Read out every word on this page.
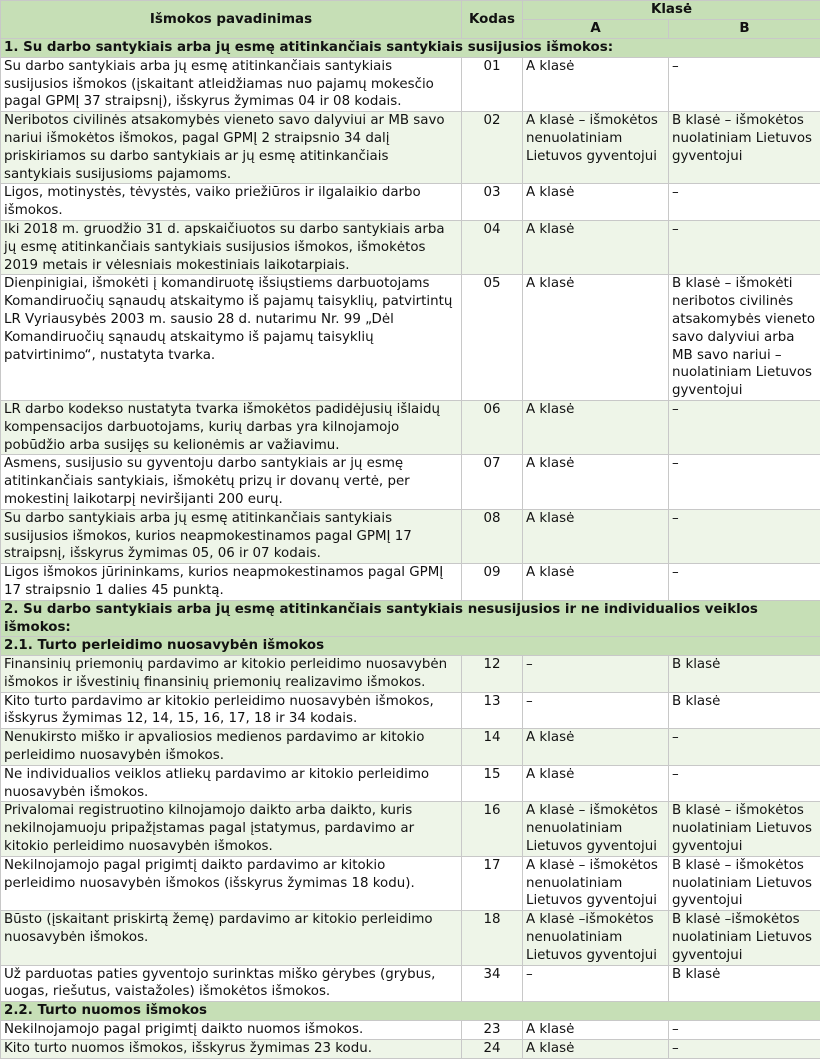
Išmokos pavadinimas	Kodas	Klasė	
		A	B
1. Su darbo santykiais arba jų esmę atitinkančiais santykiais susijusios išmokos:			
Su darbo santykiais arba jų esmę atitinkančiais santykiais susijusios išmokos (įskaitant atleidžiamas nuo pajamų mokesčio pagal GPMĮ 37 straipsnį), išskyrus žymimas 04 ir 08 kodais.	01	A klasė	–
Neribotos civilinės atsakomybės vieneto savo dalyviui ar MB savo nariui išmokėtos išmokos, pagal GPMĮ 2 straipsnio 34 dalį priskiriamos su darbo santykiais ar jų esmę atitinkančiais santykiais susijusioms pajamoms.	02	A klasė – išmokėtos nenuolatiniam Lietuvos gyventojui	B klasė – išmokėtos nuolatiniam Lietuvos gyventojui
Ligos, motinystės, tėvystės, vaiko priežiūros ir ilgalaikio darbo išmokos.	03	A klasė	–
Iki 2018 m. gruodžio 31 d. apskaičiuotos su darbo santykiais arba jų esmę atitinkančiais santykiais susijusios išmokos, išmokėtos 2019 metais ir vėlesniais mokestiniais laikotarpiais.	04	A klasė	–
Dienpinigiai, išmokėti į komandiruotę išsiųstiems darbuotojams Komandiruočių sąnaudų atskaitymo iš pajamų taisyklių, patvirtintų LR Vyriausybės 2003 m. sausio 28 d. nutarimu Nr. 99 „Dėl Komandiruočių sąnaudų atskaitymo iš pajamų taisyklių patvirtinimo“, nustatyta tvarka.	05	A klasė	B klasė – išmokėti neribotos civilinės atsakomybės vieneto savo dalyviui arba MB savo nariui – nuolatiniam Lietuvos gyventojui
LR darbo kodekso nustatyta tvarka išmokėtos padidėjusių išlaidų kompensacijos darbuotojams, kurių darbas yra kilnojamojo pobūdžio arba susijęs su kelionėmis ar važiavimu.	06	A klasė	–
Asmens, susijusio su gyventoju darbo santykiais ar jų esmę atitinkančiais santykiais, išmokėtų prizų ir dovanų vertė, per mokestinį laikotarpį neviršijanti 200 eurų.	07	A klasė	–
Su darbo santykiais arba jų esmę atitinkančiais santykiais susijusios išmokos, kurios neapmokestinamos pagal GPMĮ 17 straipsnį, išskyrus žymimas 05, 06 ir 07 kodais.	08	A klasė	–
Ligos išmokos jūrininkams, kurios neapmokestinamos pagal GPMĮ 17 straipsnio 1 dalies 45 punktą.	09	A klasė	–
2. Su darbo santykiais arba jų esmę atitinkančiais santykiais nesusijusios ir ne individualios veiklos išmokos:			
2.1. Turto perleidimo nuosavybėn išmokos			
Finansinių priemonių pardavimo ar kitokio perleidimo nuosavybėn išmokos ir išvestinių finansinių priemonių realizavimo išmokos.	12	–	B klasė
Kito turto pardavimo ar kitokio perleidimo nuosavybėn išmokos, išskyrus žymimas 12, 14, 15, 16, 17, 18 ir 34 kodais.	13	–	B klasė
Nenukirsto miško ir apvaliosios medienos pardavimo ar kitokio perleidimo nuosavybėn išmokos.	14	A klasė	–
Ne individualios veiklos atliekų pardavimo ar kitokio perleidimo nuosavybėn išmokos.	15	A klasė	–
Privalomai registruotino kilnojamojo daikto arba daikto, kuris nekilnojamuoju pripažįstamas pagal įstatymus, pardavimo ar kitokio perleidimo nuosavybėn išmokos.	16	A klasė – išmokėtos nenuolatiniam Lietuvos gyventojui	B klasė – išmokėtos nuolatiniam Lietuvos gyventojui
Nekilnojamojo pagal prigimtį daikto pardavimo ar kitokio perleidimo nuosavybėn išmokos (išskyrus žymimas 18 kodu).	17	A klasė – išmokėtos nenuolatiniam Lietuvos gyventojui	B klasė – išmokėtos nuolatiniam Lietuvos gyventojui
Būsto (įskaitant priskirtą žemę) pardavimo ar kitokio perleidimo nuosavybėn išmokos.	18	A klasė –išmokėtos nenuolatiniam Lietuvos gyventojui	B klasė –išmokėtos nuolatiniam Lietuvos gyventojui
Už parduotas paties gyventojo surinktas miško gėrybes (grybus, uogas, riešutus, vaistažoles) išmokėtos išmokos.	34	–	B klasė
2.2. Turto nuomos išmokos			
Nekilnojamojo pagal prigimtį daikto nuomos išmokos.	23	A klasė	–
Kito turto nuomos išmokos, išskyrus žymimas 23 kodu.	24	A klasė	–
